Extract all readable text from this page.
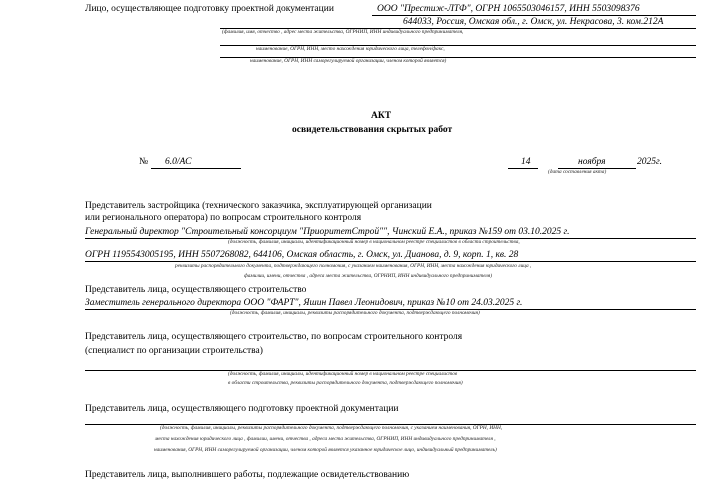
Лицо, осуществляющее подготовку проектной документации	ООО "Престиж-ЛТФ", ОГРН 1065503046157, ИНН 5503098376
644033, Россия, Омская обл., г. Омск, ул. Некрасова, 3. ком.212А
(фамилия, имя, отчество , адрес места жительства, ОГРНИП, ИНН индивидуального предпринимателя,
наименование, ОГРН, ИНН, место нахождения юридического лица, телефон/факс,
наименование, ОГРН, ИНН саморегулируемой организации, членом которой является)
АКТ
освидетельствования скрытых работ
№ 6.0/АС	14	ноября	2025г.
(дата составления акта)
Представитель застройщика (технического заказчика, эксплуатирующей организации
или регионального оператора) по вопросам строительного контроля
Генеральный директор "Строительный консорциум "ПриоритетСтрой"", Чинский Е.А., приказ №159 от 03.10.2025 г.
(должность, фамилия, инициалы, идентификационный номер в национальном реестре специалистов в области строительства,
ОГРН 1195543005195, ИНН 5507268082, 644106, Омская область, г. Омск, ул. Дианова, д. 9, корп. 1, кв. 28
реквизиты распорядительного документа, подтверждающего полномочия, с указанием наименования, ОГРН, ИНН, места нахождения юридического лица ,
фамилии, имени, отчества , адреса места жительства, ОГРНИП, ИНН индивидуального предпринимателя)
Представитель лица, осуществляющего строительство
Заместитель генерального директора ООО "ФАРТ", Яшин Павел Леонидович, приказ №10 от 24.03.2025 г.
(должность, фамилия, инициалы, реквизиты распорядительного документа, подтверждающего полномочия)
Представитель лица, осуществляющего строительство, по вопросам строительного контроля
(специалист по организации строительства)
(должность, фамилия, инициалы, идентификационный номер в национальном реестре специалистов
в области строительства, реквизиты распорядительного документа, подтверждающего полномочия)
Представитель лица, осуществляющего подготовку проектной документации
(должность, фамилия, инициалы, реквизиты распорядительного документа, подтверждающего полномочия, с указанием наименования, ОГРН, ИНН,
места нахождения юридического лица , фамилии, имени, отчества , адреса места жительства, ОГРНИП, ИНН индивидуального предпринимателя ,
наименования, ОГРН, ИНН саморегулируемой организации, членом которой является указанное юридическое лицо, индивидуальный предприниматель)
Представитель лица, выполнившего работы, подлежащие освидетельствованию
